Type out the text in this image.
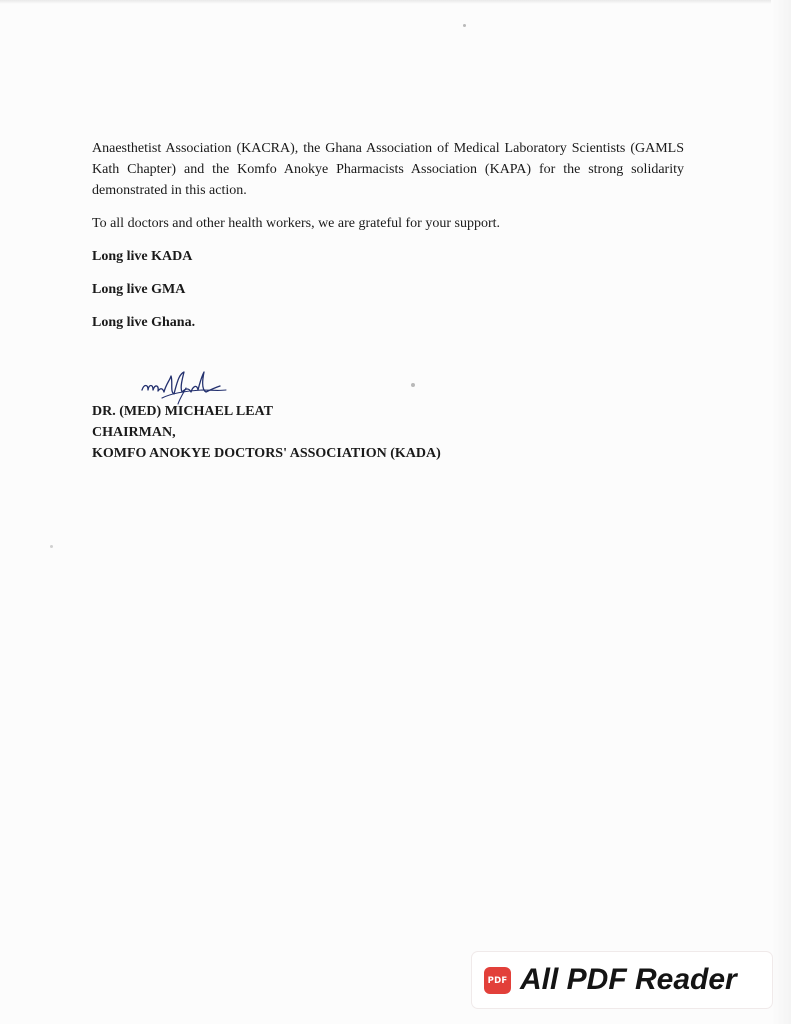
Anaesthetist Association (KACRA), the Ghana Association of Medical Laboratory Scientists (GAMLS Kath Chapter) and the Komfo Anokye Pharmacists Association (KAPA) for the strong solidarity demonstrated in this action.

To all doctors and other health workers, we are grateful for your support.

Long live KADA

Long live GMA

Long live Ghana.

DR. (MED) MICHAEL LEAT
CHAIRMAN,
KOMFO ANOKYE DOCTORS' ASSOCIATION (KADA)
PDF All PDF Reader
